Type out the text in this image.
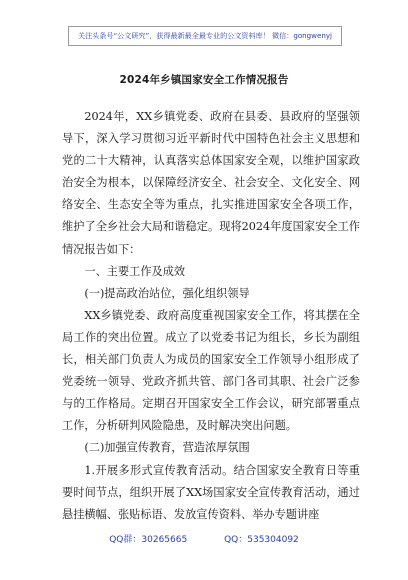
关注头条号“公文研究”，获得最新最全最专业的公文资料库！ 微信：gongwenyj
2024年乡镇国家安全工作情况报告

2024年，XX乡镇党委、政府在县委、县政府的坚强领导下，深入学习贯彻习近平新时代中国特色社会主义思想和党的二十大精神，认真落实总体国家安全观，以维护国家政治安全为根本，以保障经济安全、社会安全、文化安全、网络安全、生态安全等为重点，扎实推进国家安全各项工作，维护了全乡社会大局和谐稳定。现将2024年度国家安全工作情况报告如下：

一、主要工作及成效

(一)提高政治站位，强化组织领导

XX乡镇党委、政府高度重视国家安全工作，将其摆在全局工作的突出位置。成立了以党委书记为组长，乡长为副组长，相关部门负责人为成员的国家安全工作领导小组形成了党委统一领导、党政齐抓共管、部门各司其职、社会广泛参与的工作格局。定期召开国家安全工作会议，研究部署重点工作，分析研判风险隐患，及时解决突出问题。

(二)加强宣传教育，营造浓厚氛围

1.开展多形式宣传教育活动。结合国家安全教育日等重要时间节点，组织开展了XX场国家安全宣传教育活动，通过悬挂横幅、张贴标语、发放宣传资料、举办专题讲座

QQ群：30265665	QQ：535304092
